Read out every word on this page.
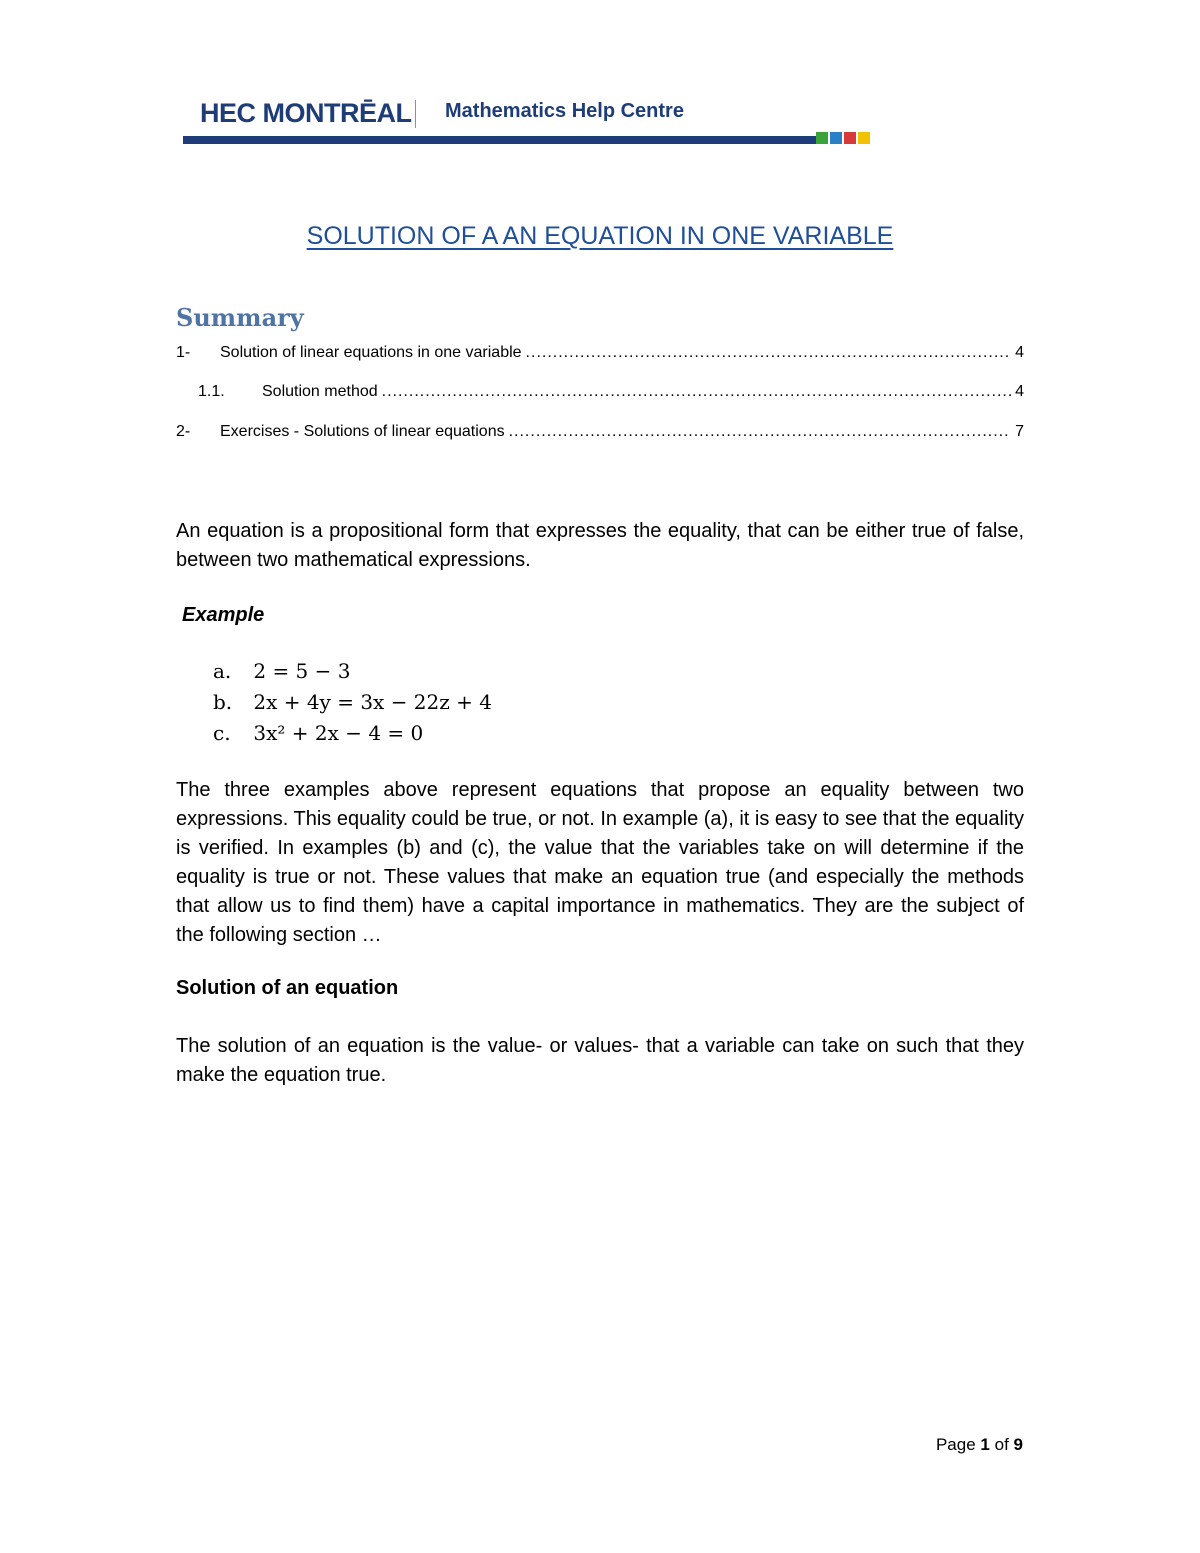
HEC MONTRĒAL Mathematics Help Centre
SOLUTION OF A AN EQUATION IN ONE VARIABLE
Summary
1-	Solution of linear equations in one variable .....	4
1.1.	Solution method .....	4
2-	Exercises - Solutions of linear equations .....	7
An equation is a propositional form that expresses the equality, that can be either true of false, between two mathematical expressions.
Example
a. 2 = 5 − 3
b. 2x + 4y = 3x − 22z + 4
c. 3x² + 2x − 4 = 0
The three examples above represent equations that propose an equality between two expressions. This equality could be true, or not. In example (a), it is easy to see that the equality is verified. In examples (b) and (c), the value that the variables take on will determine if the equality is true or not. These values that make an equation true (and especially the methods that allow us to find them) have a capital importance in mathematics. They are the subject of the following section …
Solution of an equation
The solution of an equation is the value- or values- that a variable can take on such that they make the equation true.
Page 1 of 9
